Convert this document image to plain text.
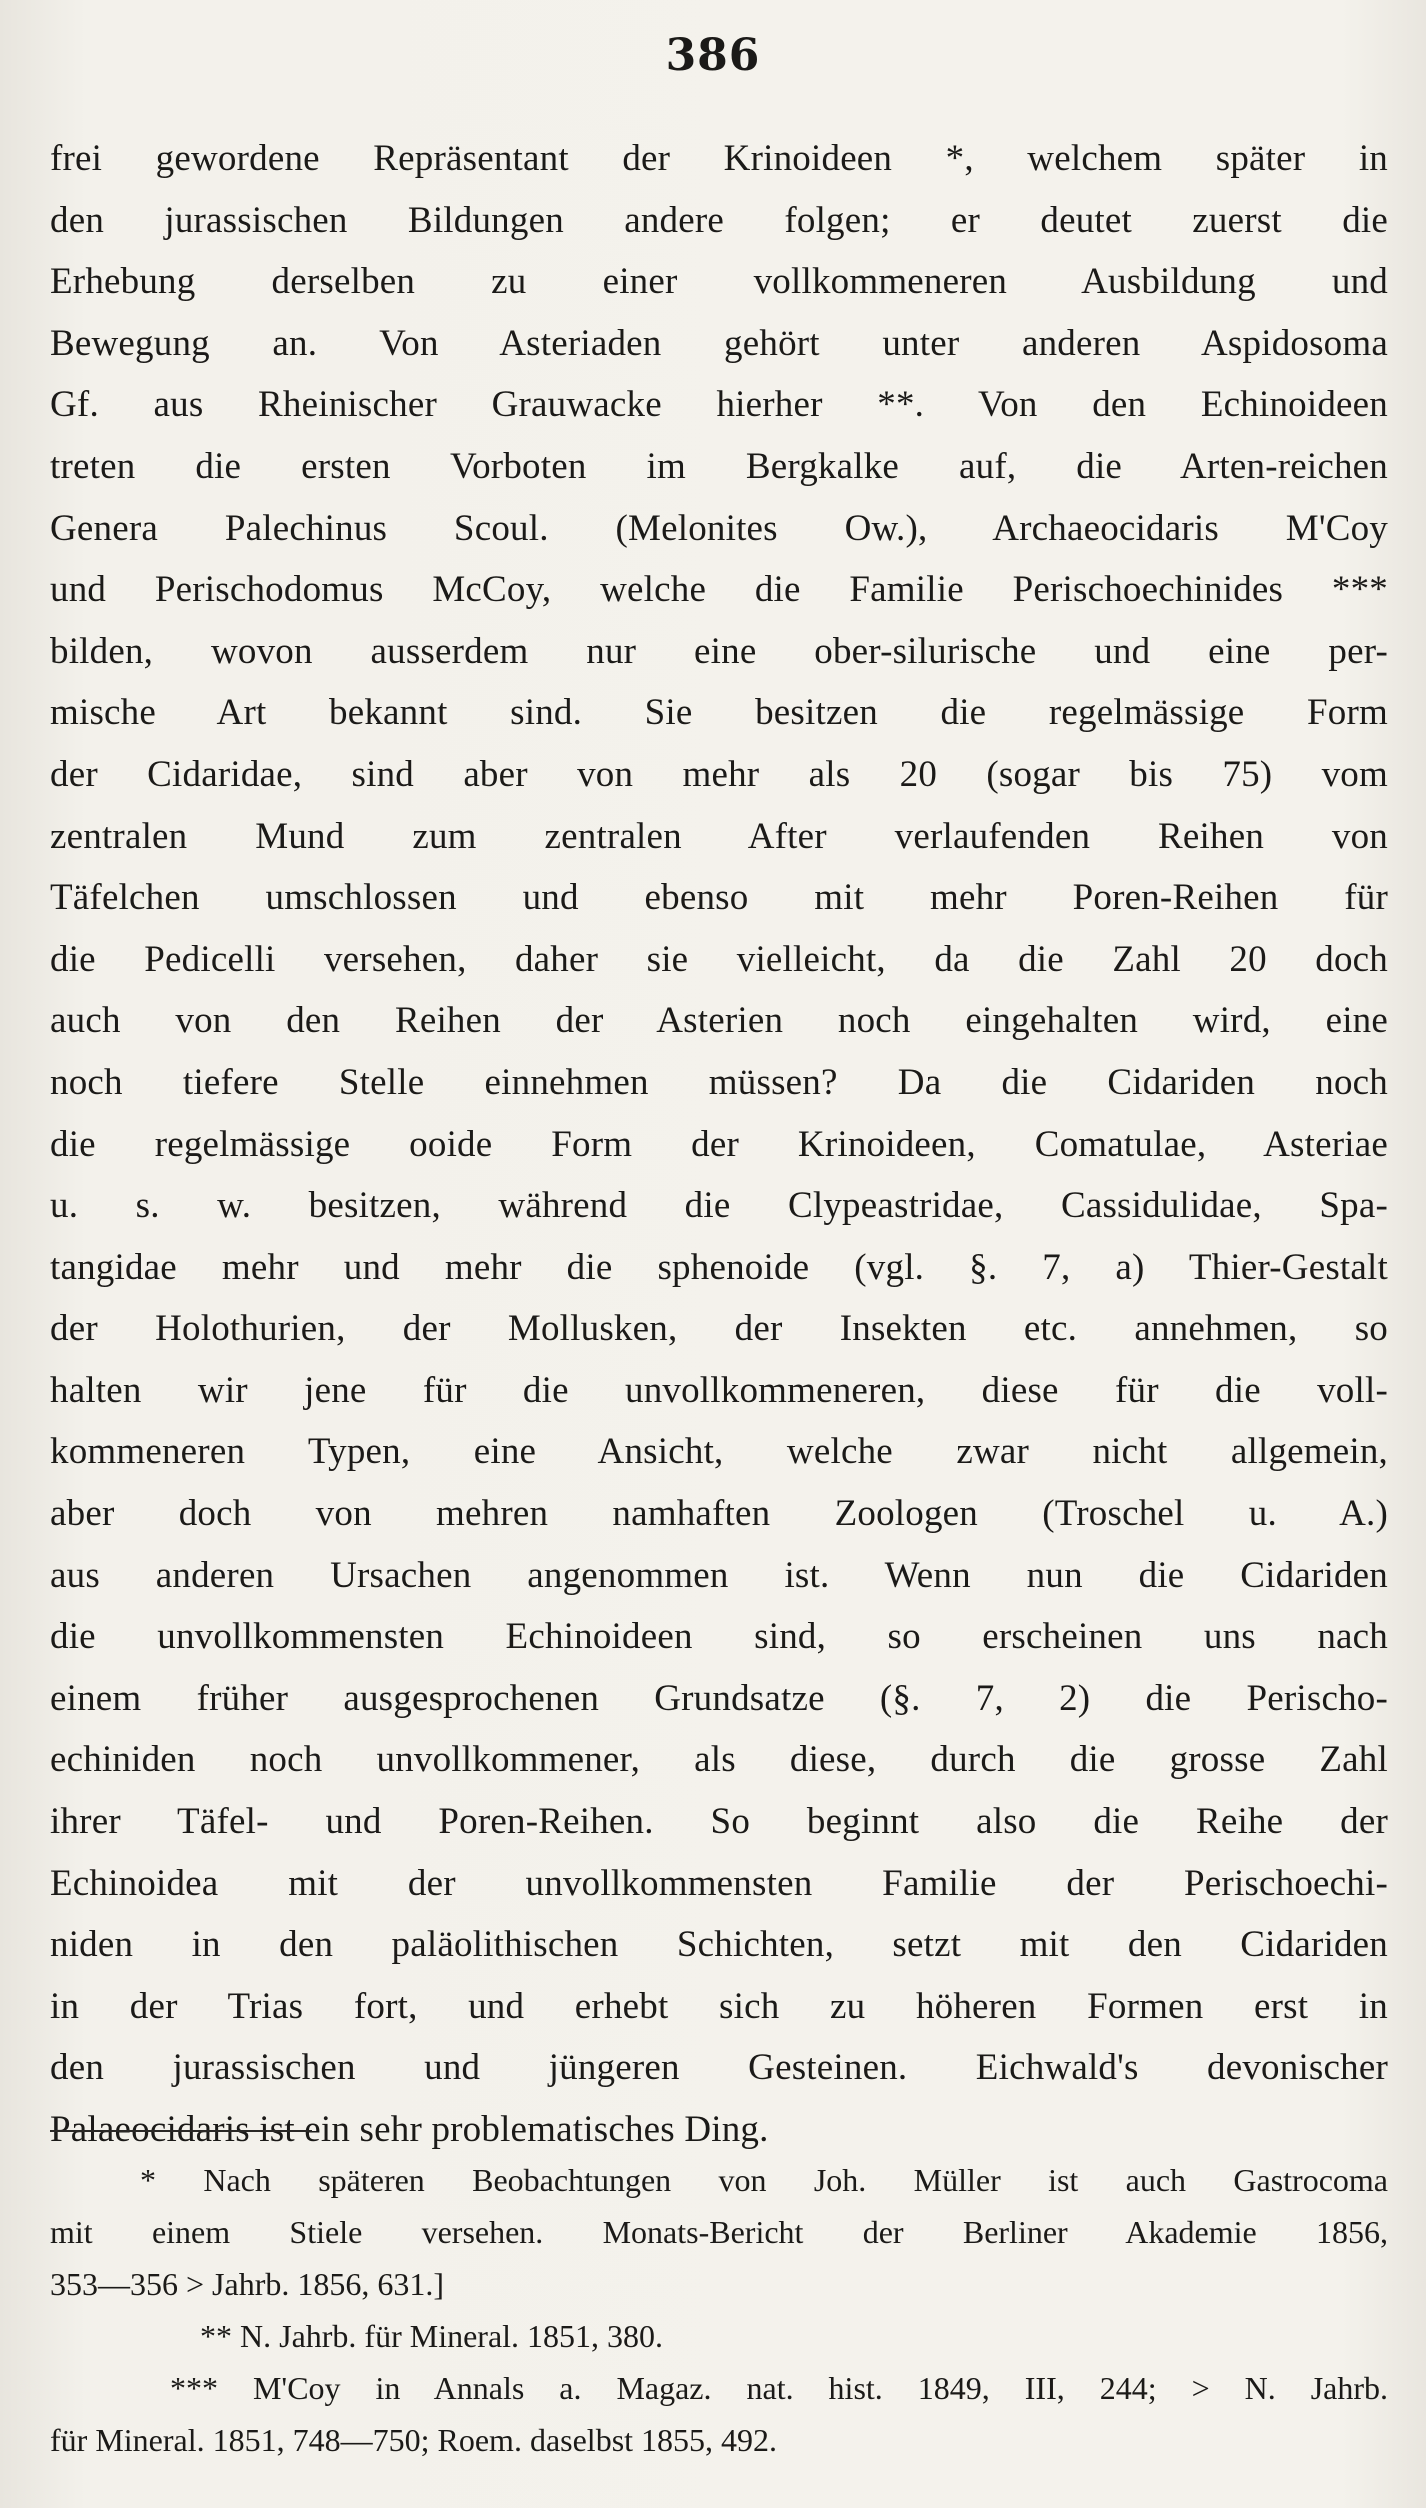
386
frei gewordene Repräsentant der Krinoideen *, welchem später in
den jurassischen Bildungen andere folgen; er deutet zuerst die
Erhebung derselben zu einer vollkommeneren Ausbildung und
Bewegung an. Von Asteriaden gehört unter anderen Aspidosoma
Gf. aus Rheinischer Grauwacke hierher **. Von den Echinoideen
treten die ersten Vorboten im Bergkalke auf, die Arten-reichen
Genera Palechinus Scoul. (Melonites Ow.), Archaeocidaris M'Coy
und Perischodomus McCoy, welche die Familie Perischoechinides ***
bilden, wovon ausserdem nur eine ober-silurische und eine per-
mische Art bekannt sind. Sie besitzen die regelmässige Form
der Cidaridae, sind aber von mehr als 20 (sogar bis 75) vom
zentralen Mund zum zentralen After verlaufenden Reihen von
Täfelchen umschlossen und ebenso mit mehr Poren-Reihen für
die Pedicelli versehen, daher sie vielleicht, da die Zahl 20 doch
auch von den Reihen der Asterien noch eingehalten wird, eine
noch tiefere Stelle einnehmen müssen? Da die Cidariden noch
die regelmässige ooide Form der Krinoideen, Comatulae, Asteriae
u. s. w. besitzen, während die Clypeastridae, Cassidulidae, Spa-
tangidae mehr und mehr die sphenoide (vgl. §. 7, a) Thier-Gestalt
der Holothurien, der Mollusken, der Insekten etc. annehmen, so
halten wir jene für die unvollkommeneren, diese für die voll-
kommeneren Typen, eine Ansicht, welche zwar nicht allgemein,
aber doch von mehren namhaften Zoologen (Troschel u. A.)
aus anderen Ursachen angenommen ist. Wenn nun die Cidariden
die unvollkommensten Echinoideen sind, so erscheinen uns nach
einem früher ausgesprochenen Grundsatze (§. 7, 2) die Perischo-
echiniden noch unvollkommener, als diese, durch die grosse Zahl
ihrer Täfel- und Poren-Reihen. So beginnt also die Reihe der
Echinoidea mit der unvollkommensten Familie der Perischoechi-
niden in den paläolithischen Schichten, setzt mit den Cidariden
in der Trias fort, und erhebt sich zu höheren Formen erst in
den jurassischen und jüngeren Gesteinen. Eichwald's devonischer
Palaeocidaris ist ein sehr problematisches Ding.
* Nach späteren Beobachtungen von Joh. Müller ist auch Gastrocoma
mit einem Stiele versehen. Monats-Bericht der Berliner Akademie 1856,
353—356 > Jahrb. 1856, 631.]
** N. Jahrb. für Mineral. 1851, 380.
*** M'Coy in Annals a. Magaz. nat. hist. 1849, III, 244; > N. Jahrb.
für Mineral. 1851, 748—750; Roem. daselbst 1855, 492.
